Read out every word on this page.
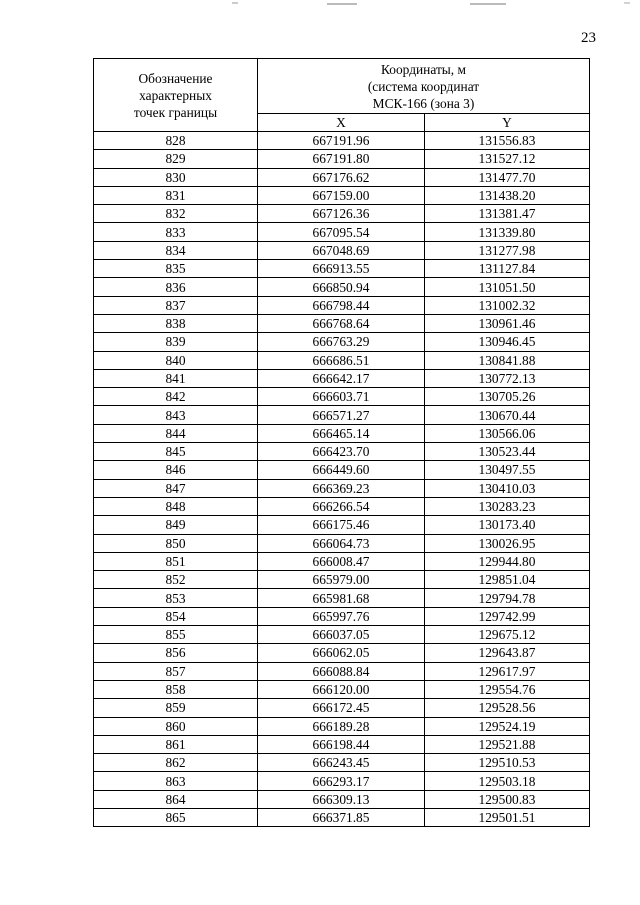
23
Обозначение
характерных
точек границы	Координаты, м
(система координат
МСК-166 (зона 3)	
	X	Y
828	667191.96	131556.83
829	667191.80	131527.12
830	667176.62	131477.70
831	667159.00	131438.20
832	667126.36	131381.47
833	667095.54	131339.80
834	667048.69	131277.98
835	666913.55	131127.84
836	666850.94	131051.50
837	666798.44	131002.32
838	666768.64	130961.46
839	666763.29	130946.45
840	666686.51	130841.88
841	666642.17	130772.13
842	666603.71	130705.26
843	666571.27	130670.44
844	666465.14	130566.06
845	666423.70	130523.44
846	666449.60	130497.55
847	666369.23	130410.03
848	666266.54	130283.23
849	666175.46	130173.40
850	666064.73	130026.95
851	666008.47	129944.80
852	665979.00	129851.04
853	665981.68	129794.78
854	665997.76	129742.99
855	666037.05	129675.12
856	666062.05	129643.87
857	666088.84	129617.97
858	666120.00	129554.76
859	666172.45	129528.56
860	666189.28	129524.19
861	666198.44	129521.88
862	666243.45	129510.53
863	666293.17	129503.18
864	666309.13	129500.83
865	666371.85	129501.51
